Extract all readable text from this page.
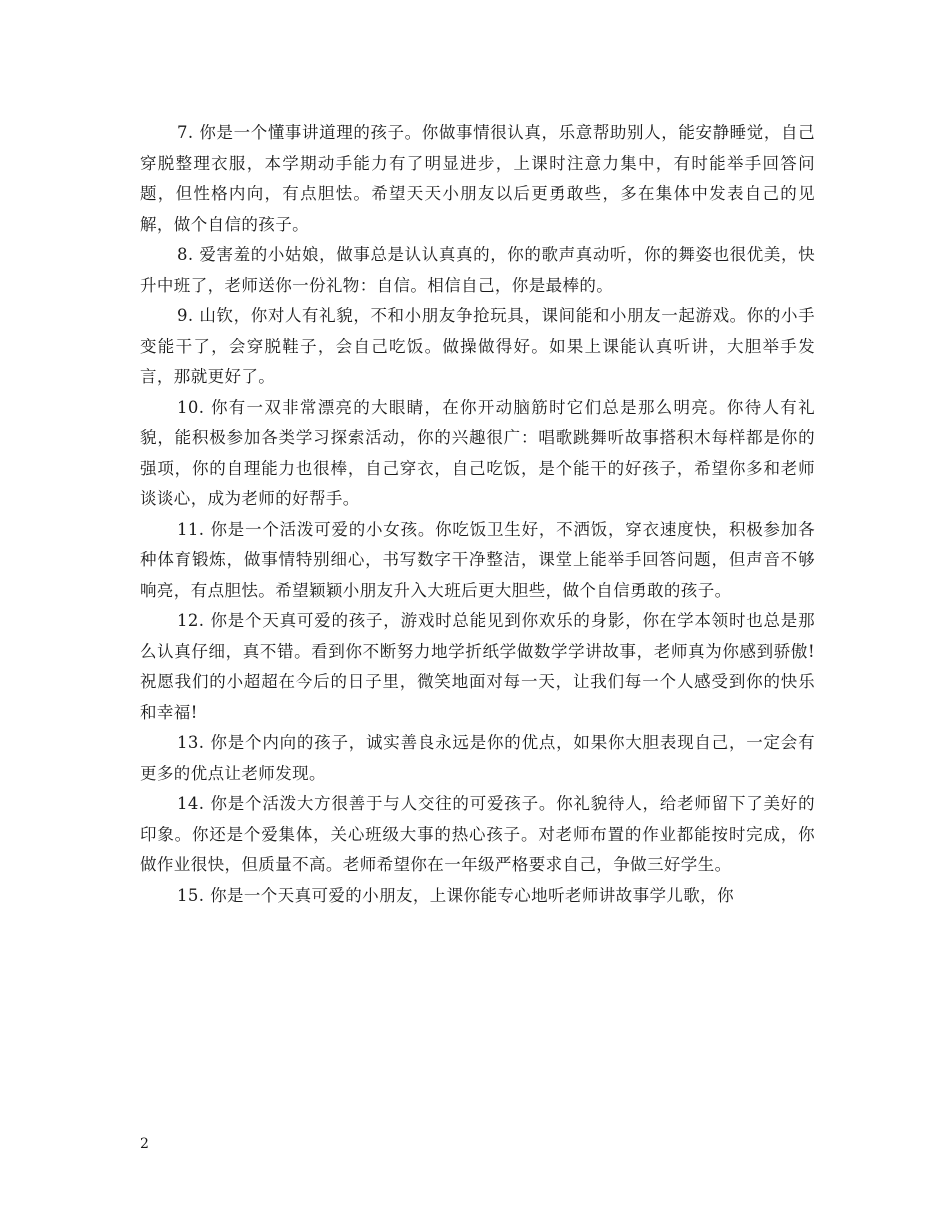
7. 你是一个懂事讲道理的孩子。你做事情很认真，乐意帮助别人，能安静睡觉，自己穿脱整理衣服，本学期动手能力有了明显进步，上课时注意力集中，有时能举手回答问题，但性格内向，有点胆怯。希望天天小朋友以后更勇敢些，多在集体中发表自己的见解，做个自信的孩子。

8. 爱害羞的小姑娘，做事总是认认真真的，你的歌声真动听，你的舞姿也很优美，快升中班了，老师送你一份礼物：自信。相信自己，你是最棒的。

9. 山钦，你对人有礼貌，不和小朋友争抢玩具，课间能和小朋友一起游戏。你的小手变能干了，会穿脱鞋子，会自己吃饭。做操做得好。如果上课能认真听讲，大胆举手发言，那就更好了。

10. 你有一双非常漂亮的大眼睛，在你开动脑筋时它们总是那么明亮。你待人有礼貌，能积极参加各类学习探索活动，你的兴趣很广：唱歌跳舞听故事搭积木每样都是你的强项，你的自理能力也很棒，自己穿衣，自己吃饭，是个能干的好孩子，希望你多和老师谈谈心，成为老师的好帮手。

11. 你是一个活泼可爱的小女孩。你吃饭卫生好，不洒饭，穿衣速度快，积极参加各种体育锻炼，做事情特别细心，书写数字干净整洁，课堂上能举手回答问题，但声音不够响亮，有点胆怯。希望颖颖小朋友升入大班后更大胆些，做个自信勇敢的孩子。

12. 你是个天真可爱的孩子，游戏时总能见到你欢乐的身影，你在学本领时也总是那么认真仔细，真不错。看到你不断努力地学折纸学做数学学讲故事，老师真为你感到骄傲!祝愿我们的小超超在今后的日子里，微笑地面对每一天，让我们每一个人感受到你的快乐和幸福!

13. 你是个内向的孩子，诚实善良永远是你的优点，如果你大胆表现自己，一定会有更多的优点让老师发现。

14. 你是个活泼大方很善于与人交往的可爱孩子。你礼貌待人，给老师留下了美好的印象。你还是个爱集体，关心班级大事的热心孩子。对老师布置的作业都能按时完成，你做作业很快，但质量不高。老师希望你在一年级严格要求自己，争做三好学生。

15. 你是一个天真可爱的小朋友，上课你能专心地听老师讲故事学儿歌，你

2
